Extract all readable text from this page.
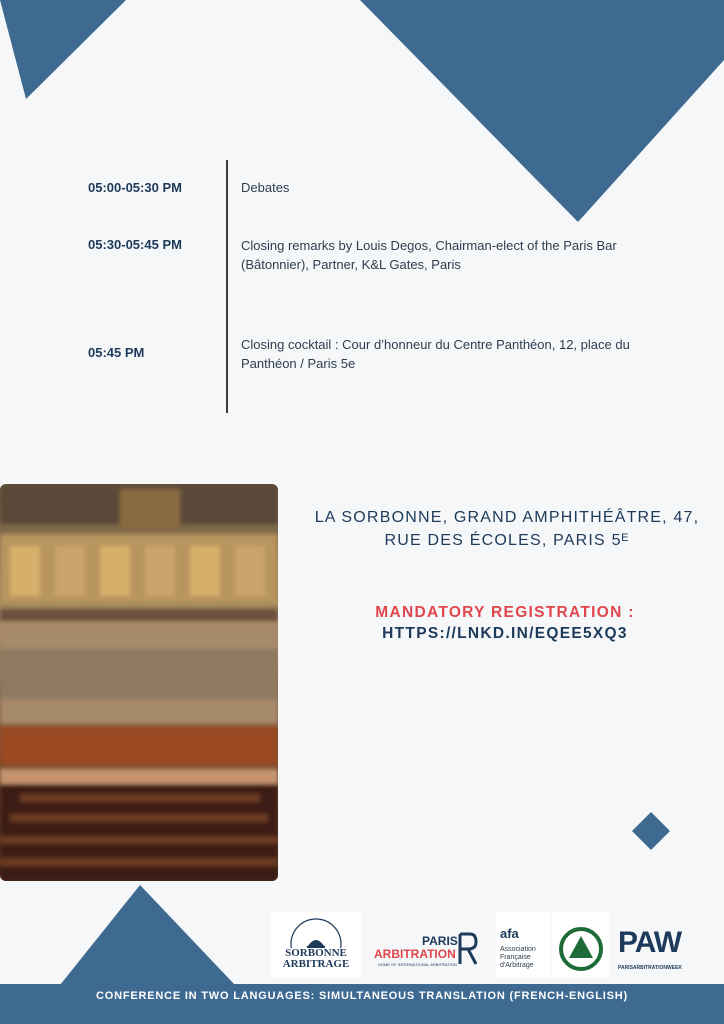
05:00-05:30 PM	Debates
05:30-05:45 PM	Closing remarks by Louis Degos, Chairman-elect of the Paris Bar (Bâtonnier), Partner, K&L Gates, Paris
05:45 PM
Closing cocktail : Cour d’honneur du Centre Panthéon, 12, place du Panthéon / Paris 5e
LA SORBONNE, GRAND AMPHITHÉÂTRE, 47,
RUE DES ÉCOLES, PARIS 5ᴱ
MANDATORY REGISTRATION :
HTTPS://LNKD.IN/EQEE5XQ3
SORBONNE
ARBITRAGE
PARIS
ARBITRATION
HOME OF INTERNATIONAL ARBITRATION
afa
Association
Française
d'Arbitrage
PAW
PARISARBITRATIONWEEK
CONFERENCE IN TWO LANGUAGES: SIMULTANEOUS TRANSLATION (FRENCH-ENGLISH)
